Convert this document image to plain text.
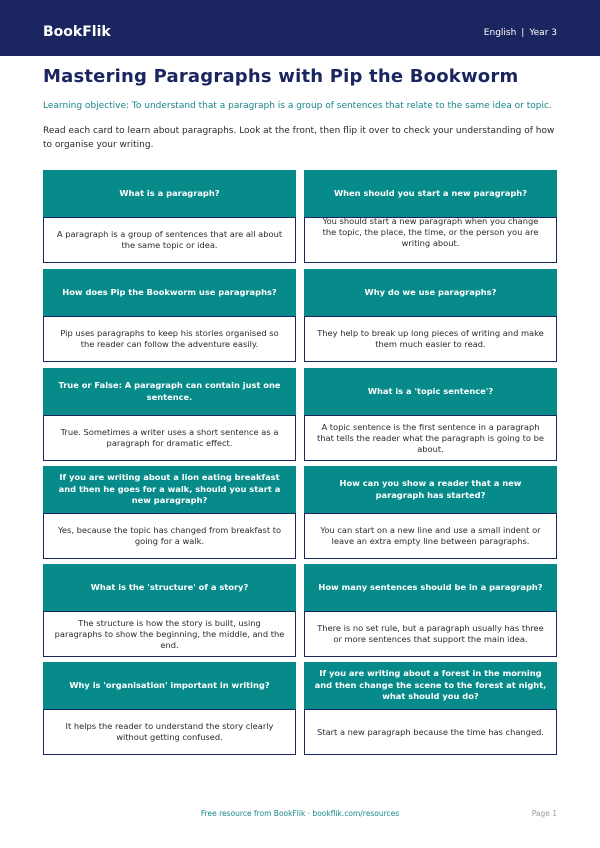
BookFlik	English | Year 3
Mastering Paragraphs with Pip the Bookworm
Learning objective: To understand that a paragraph is a group of sentences that relate to the same idea or topic.
Read each card to learn about paragraphs. Look at the front, then flip it over to check your understanding of how to organise your writing.
What is a paragraph?
A paragraph is a group of sentences that are all about the same topic or idea.
When should you start a new paragraph?
You should start a new paragraph when you change the topic, the place, the time, or the person you are writing about.
How does Pip the Bookworm use paragraphs?
Pip uses paragraphs to keep his stories organised so the reader can follow the adventure easily.
Why do we use paragraphs?
They help to break up long pieces of writing and make them much easier to read.
True or False: A paragraph can contain just one sentence.
True. Sometimes a writer uses a short sentence as a paragraph for dramatic effect.
What is a 'topic sentence'?
A topic sentence is the first sentence in a paragraph that tells the reader what the paragraph is going to be about.
If you are writing about a lion eating breakfast and then he goes for a walk, should you start a new paragraph?
Yes, because the topic has changed from breakfast to going for a walk.
How can you show a reader that a new paragraph has started?
You can start on a new line and use a small indent or leave an extra empty line between paragraphs.
What is the 'structure' of a story?
The structure is how the story is built, using paragraphs to show the beginning, the middle, and the end.
How many sentences should be in a paragraph?
There is no set rule, but a paragraph usually has three or more sentences that support the main idea.
Why is 'organisation' important in writing?
It helps the reader to understand the story clearly without getting confused.
If you are writing about a forest in the morning and then change the scene to the forest at night, what should you do?
Start a new paragraph because the time has changed.
Free resource from BookFlik · bookflik.com/resources	Page 1
